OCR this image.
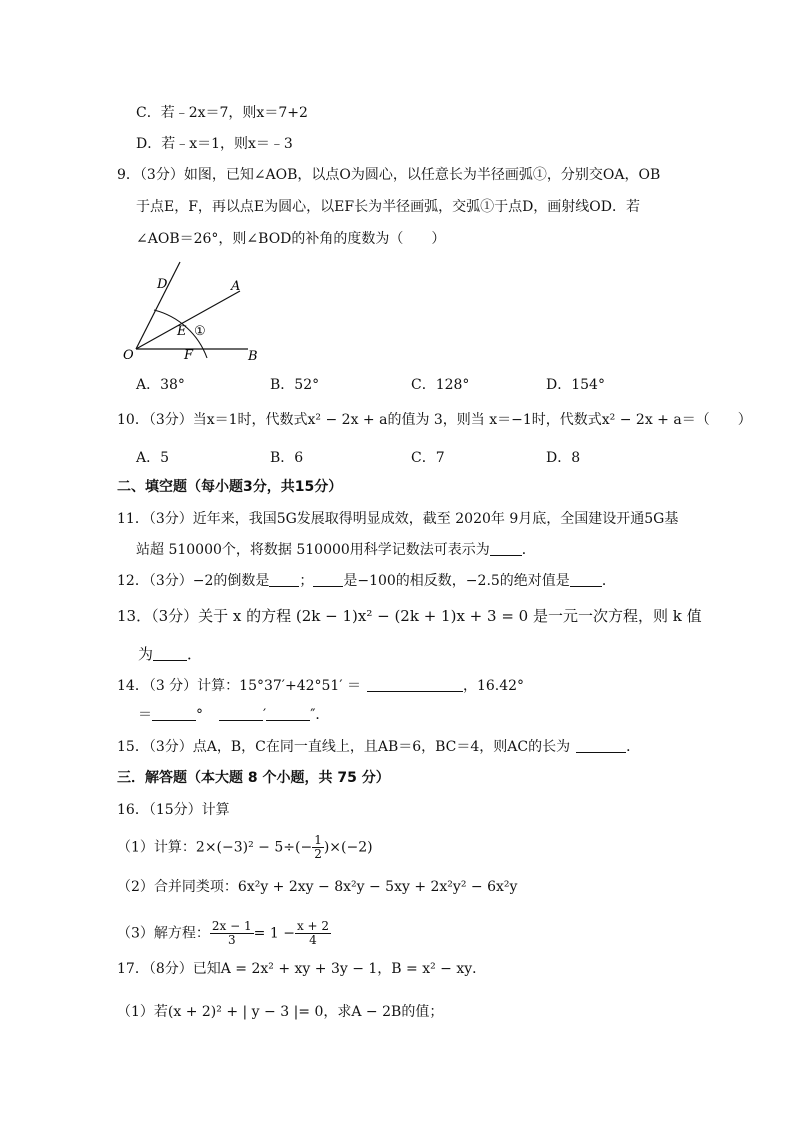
C．若﹣2x＝7，则x＝7+2
D．若﹣x＝1，则x＝﹣3
9．（3分）如图，已知∠AOB，以点O为圆心，以任意长为半径画弧①，分别交OA，OB
于点E，F，再以点E为圆心，以EF长为半径画弧，交弧①于点D，画射线OD．若
∠AOB＝26°，则∠BOD的补角的度数为（　　）
D	A
E ①
O	F	B
A．38°	B．52°	C．128°	D．154°
10．（3分）当x＝1时，代数式x² − 2x + a的值为 3，则当 x＝−1时，代数式x² − 2x + a＝（　　）
A．5	B．6	C．7	D．8
二、填空题（每小题3分，共15分）
11．（3分）近年来，我国5G发展取得明显成效，截至 2020年 9月底，全国建设开通5G基
站超 510000个，将数据 510000用科学记数法可表示为 ．
12．（3分）−2的倒数是 ； 是−100的相反数，−2.5的绝对值是 ．
13．（3分）关于 x 的方程 (2k − 1)x² − (2k + 1)x + 3 = 0 是一元一次方程，则 k 值
为 ．
14．（3 分）计算：15°37′+42°51′ ＝	，16.42°
＝	°	′	″．
15．（3分）点A，B，C在同一直线上，且AB＝6，BC＝4，则AC的长为	．
三．解答题（本大题 8 个小题，共 75 分）
16．（15分）计算
（1）计算：$2\times(-3)^2 - 5\div(- \frac{1}{2} )\times(-2)$
（2）合并同类项：6x²y + 2xy − 8x²y − 5xy + 2x²y² − 6x²y
（3）解方程： $\frac{2x - 1}{3} = 1 - \frac{x + 2}{4}$
17．（8分）已知A = 2x² + xy + 3y − 1，B = x² − xy．
（1）若(x + 2)² + | y − 3 |= 0，求A − 2B的值；
